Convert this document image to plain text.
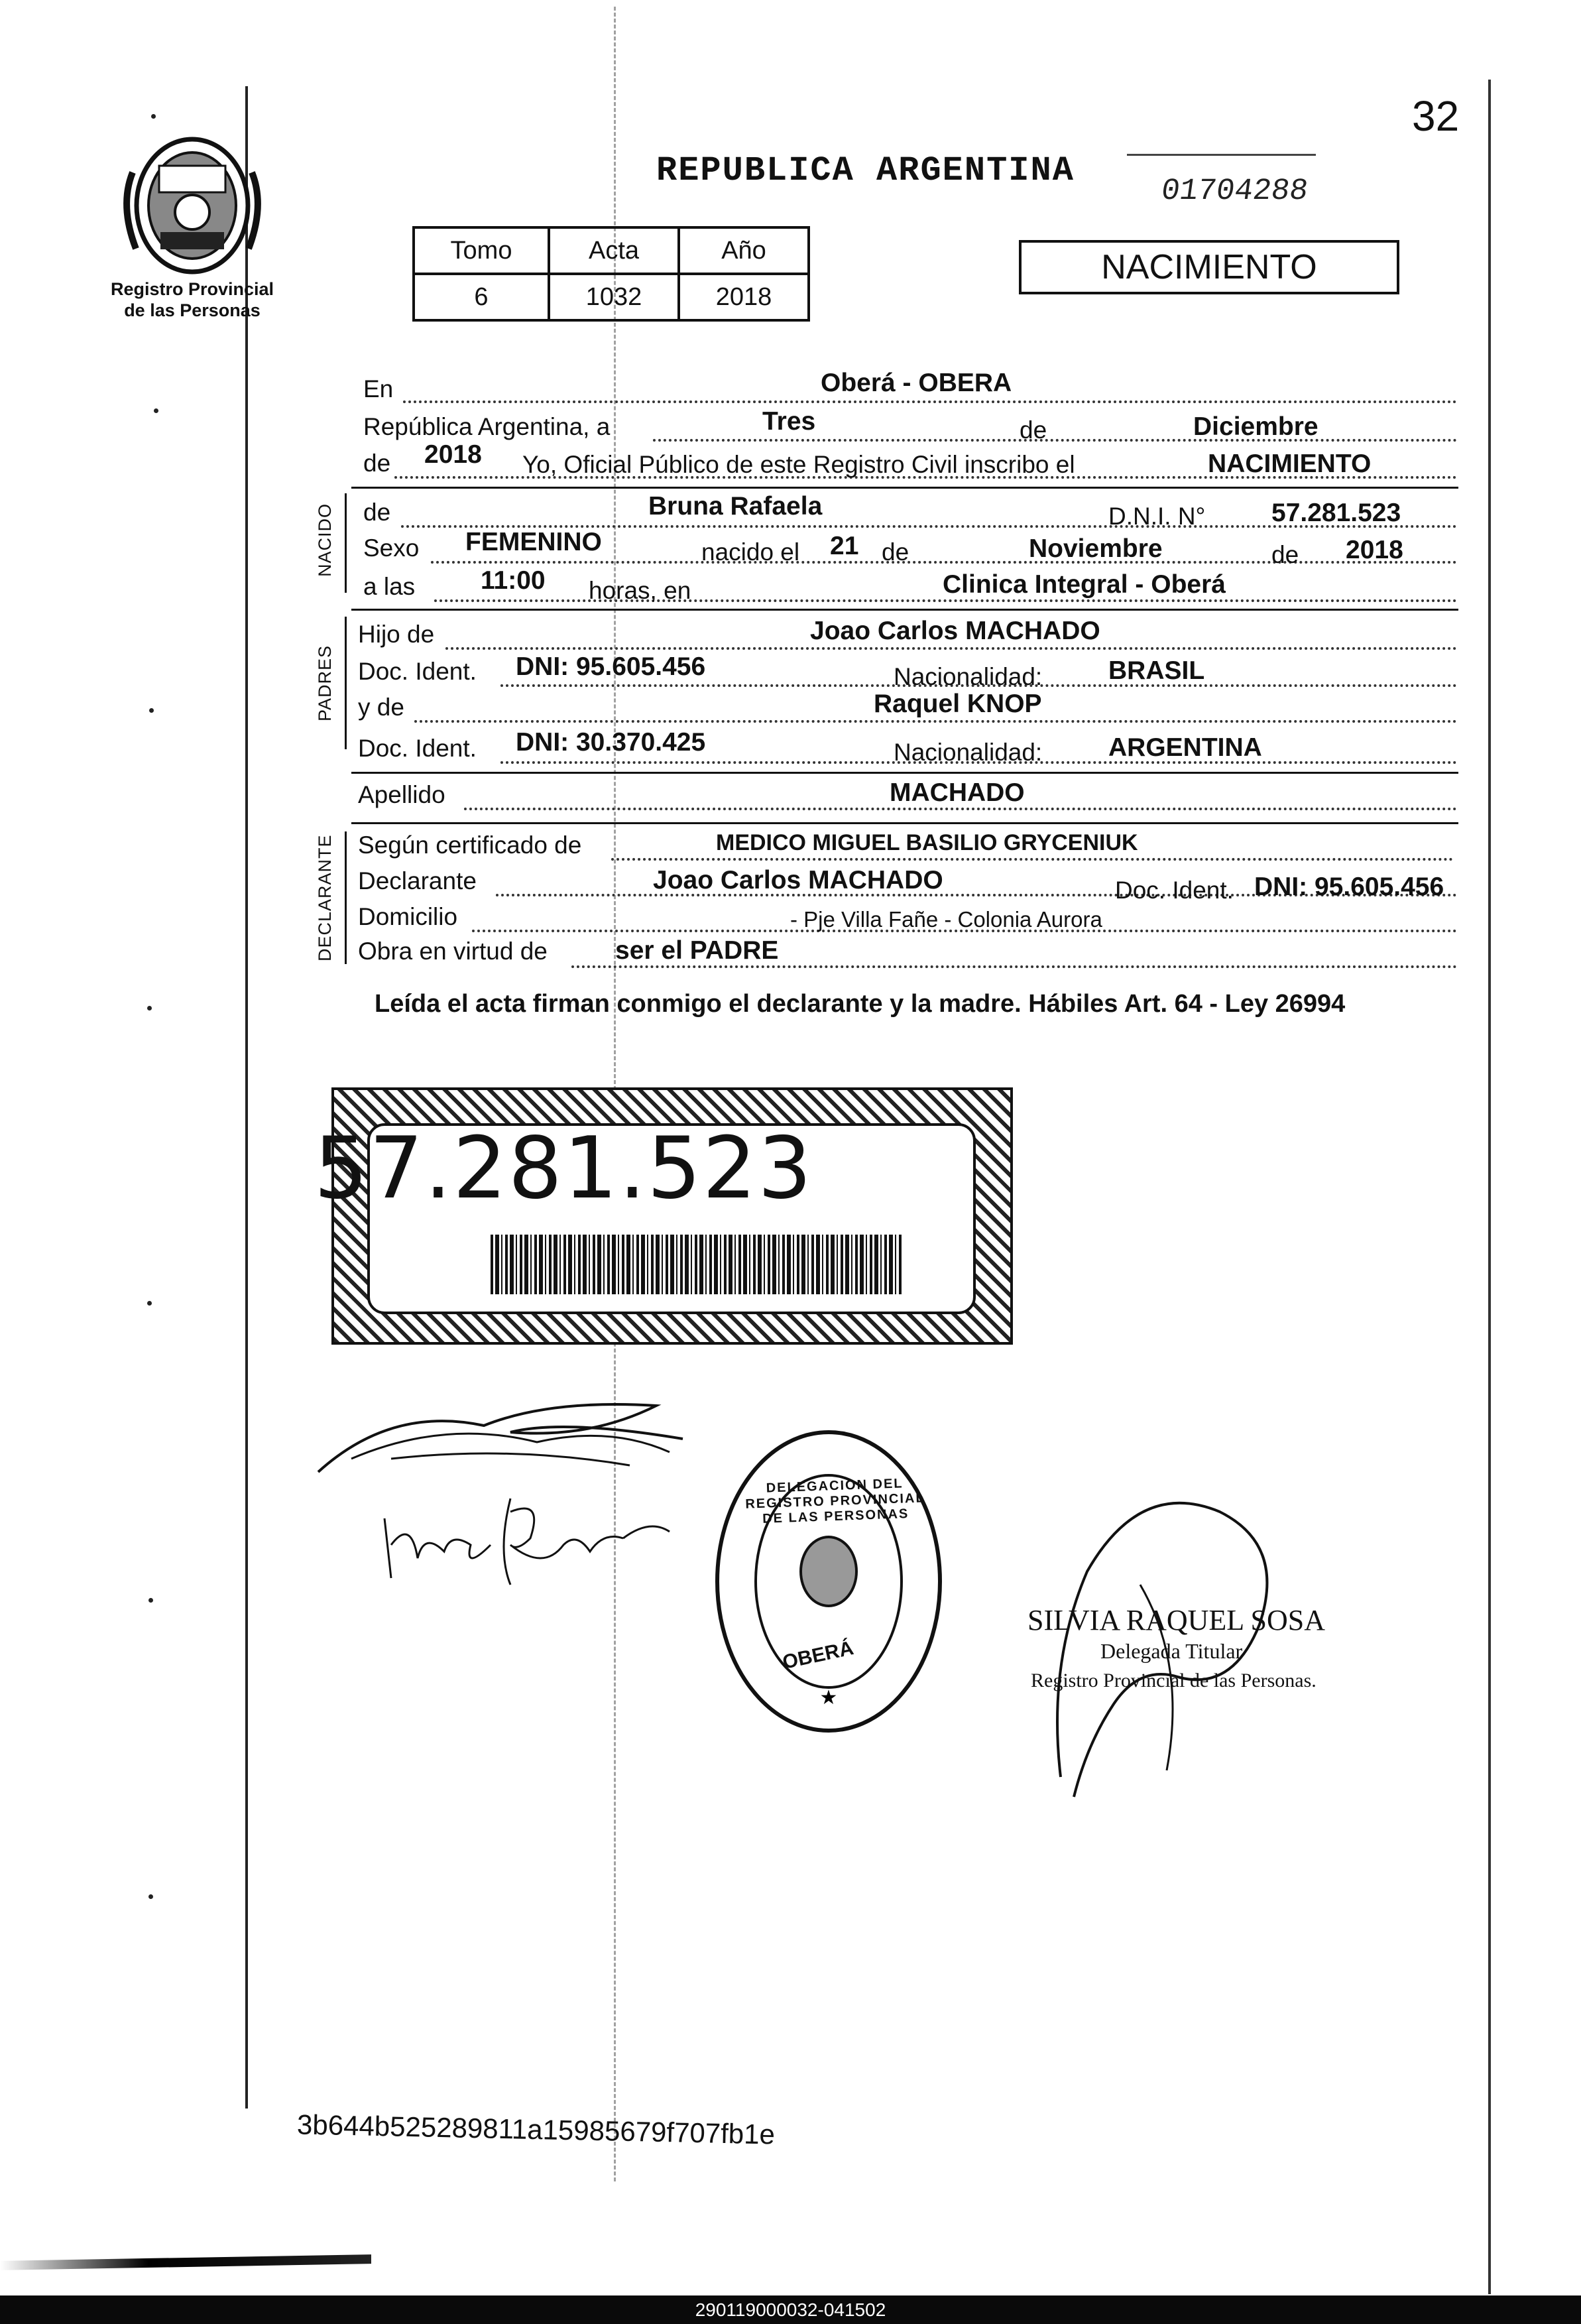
32
Registro Provincial
de las Personas
REPUBLICA ARGENTINA
01704288
Tomo	Acta	Año
6	1032	2018
NACIMIENTO
En	Oberá - OBERA
República Argentina, a	Tres	de	Diciembre
de 2018 Yo, Oficial Público de este Registro Civil inscribo el	NACIMIENTO
NACIDO de	Bruna Rafaela	D.N.I. N°	57.281.523
Sexo FEMENINO	nacido el 21 de	Noviembre	de 2018
a las	11:00 horas, en	Clinica Integral - Oberá
PADRES
Hijo de	Joao Carlos MACHADO
Doc. Ident. DNI: 95.605.456	Nacionalidad:	BRASIL
y de	Raquel KNOP
Doc. Ident. DNI: 30.370.425	Nacionalidad:	ARGENTINA
Apellido	MACHADO
DECLARANTE Según certificado de	MEDICO MIGUEL BASILIO GRYCENIUK
Declarante	Joao Carlos MACHADO	Doc. Ident. DNI: 95.605.456
Domicilio	- Pje Villa Fañe - Colonia Aurora
Obra en virtud de	ser el PADRE
Leída el acta firman conmigo el declarante y la madre. Hábiles Art. 64 - Ley 26994
57.281.523
★
OBERÁ
DELEGACION DEL REGISTRO PROVINCIAL DE LAS PERSONAS
SILVIA RAQUEL SOSA
Delegada Titular
Registro Provincial de las Personas.
3b644b525289811a15985679f707fb1e
290119000032-041502
